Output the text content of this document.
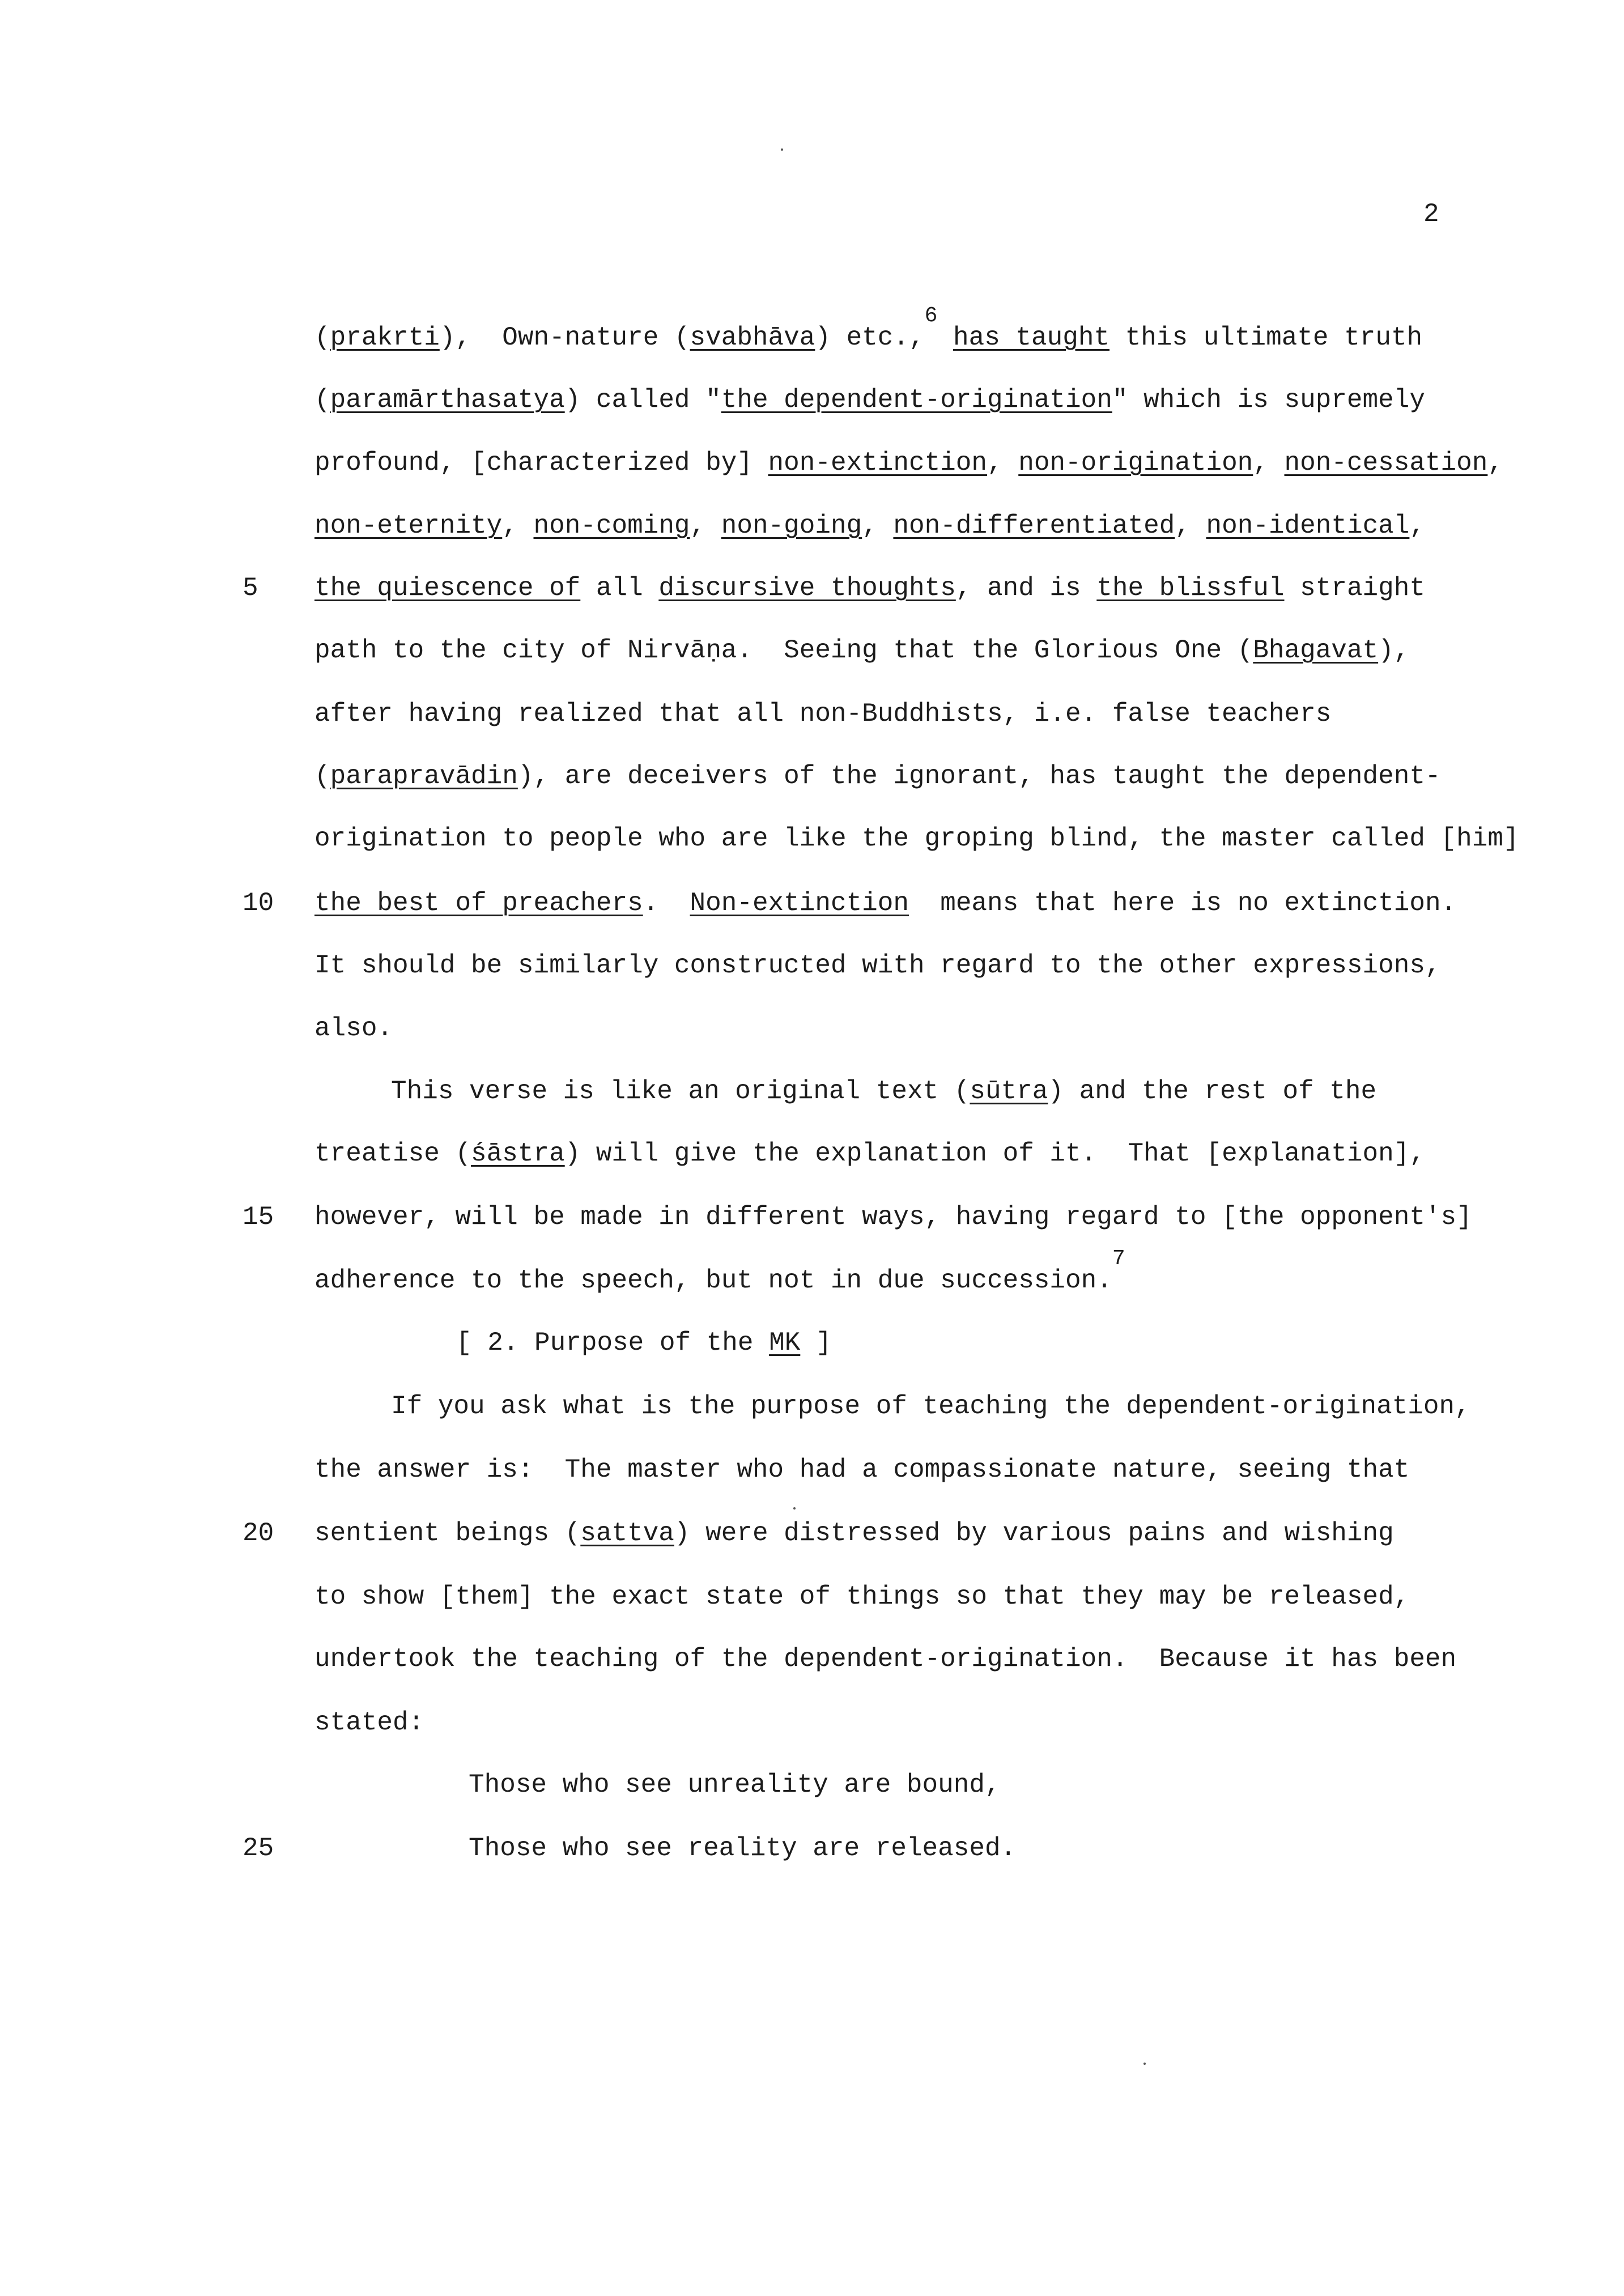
2
(prakrti),  Own-nature (svabhāva) etc.,$^6$ has taught this ultimate truth
(paramārthasatya) called "the dependent-origination" which is supremely
profound, [characterized by] non-extinction, non-origination, non-cessation,
non-eternity, non-coming, non-going, non-differentiated, non-identical,
the quiescence of all discursive thoughts, and is the blissful straight
path to the city of Nirvāṇa.  Seeing that the Glorious One (Bhagavat),
after having realized that all non-Buddhists, i.e. false teachers
(parapravādin), are deceivers of the ignorant, has taught the dependent-
origination to people who are like the groping blind, the master called [him]
the best of preachers.  Non-extinction  means that here is no extinction.
It should be similarly constructed with regard to the other expressions,
also.
This verse is like an original text (sūtra) and the rest of the
treatise (śāstra) will give the explanation of it.  That [explanation],
however, will be made in different ways, having regard to [the opponent's]
adherence to the speech, but not in due succession.$^7$
[ 2. Purpose of the MK ]
If you ask what is the purpose of teaching the dependent-origination,
the answer is:  The master who had a compassionate nature, seeing that
sentient beings (sattva) were distressed by various pains and wishing
to show [them] the exact state of things so that they may be released,
undertook the teaching of the dependent-origination.  Because it has been
stated:
Those who see unreality are bound,
Those who see reality are released.
5
10
15
20
25
